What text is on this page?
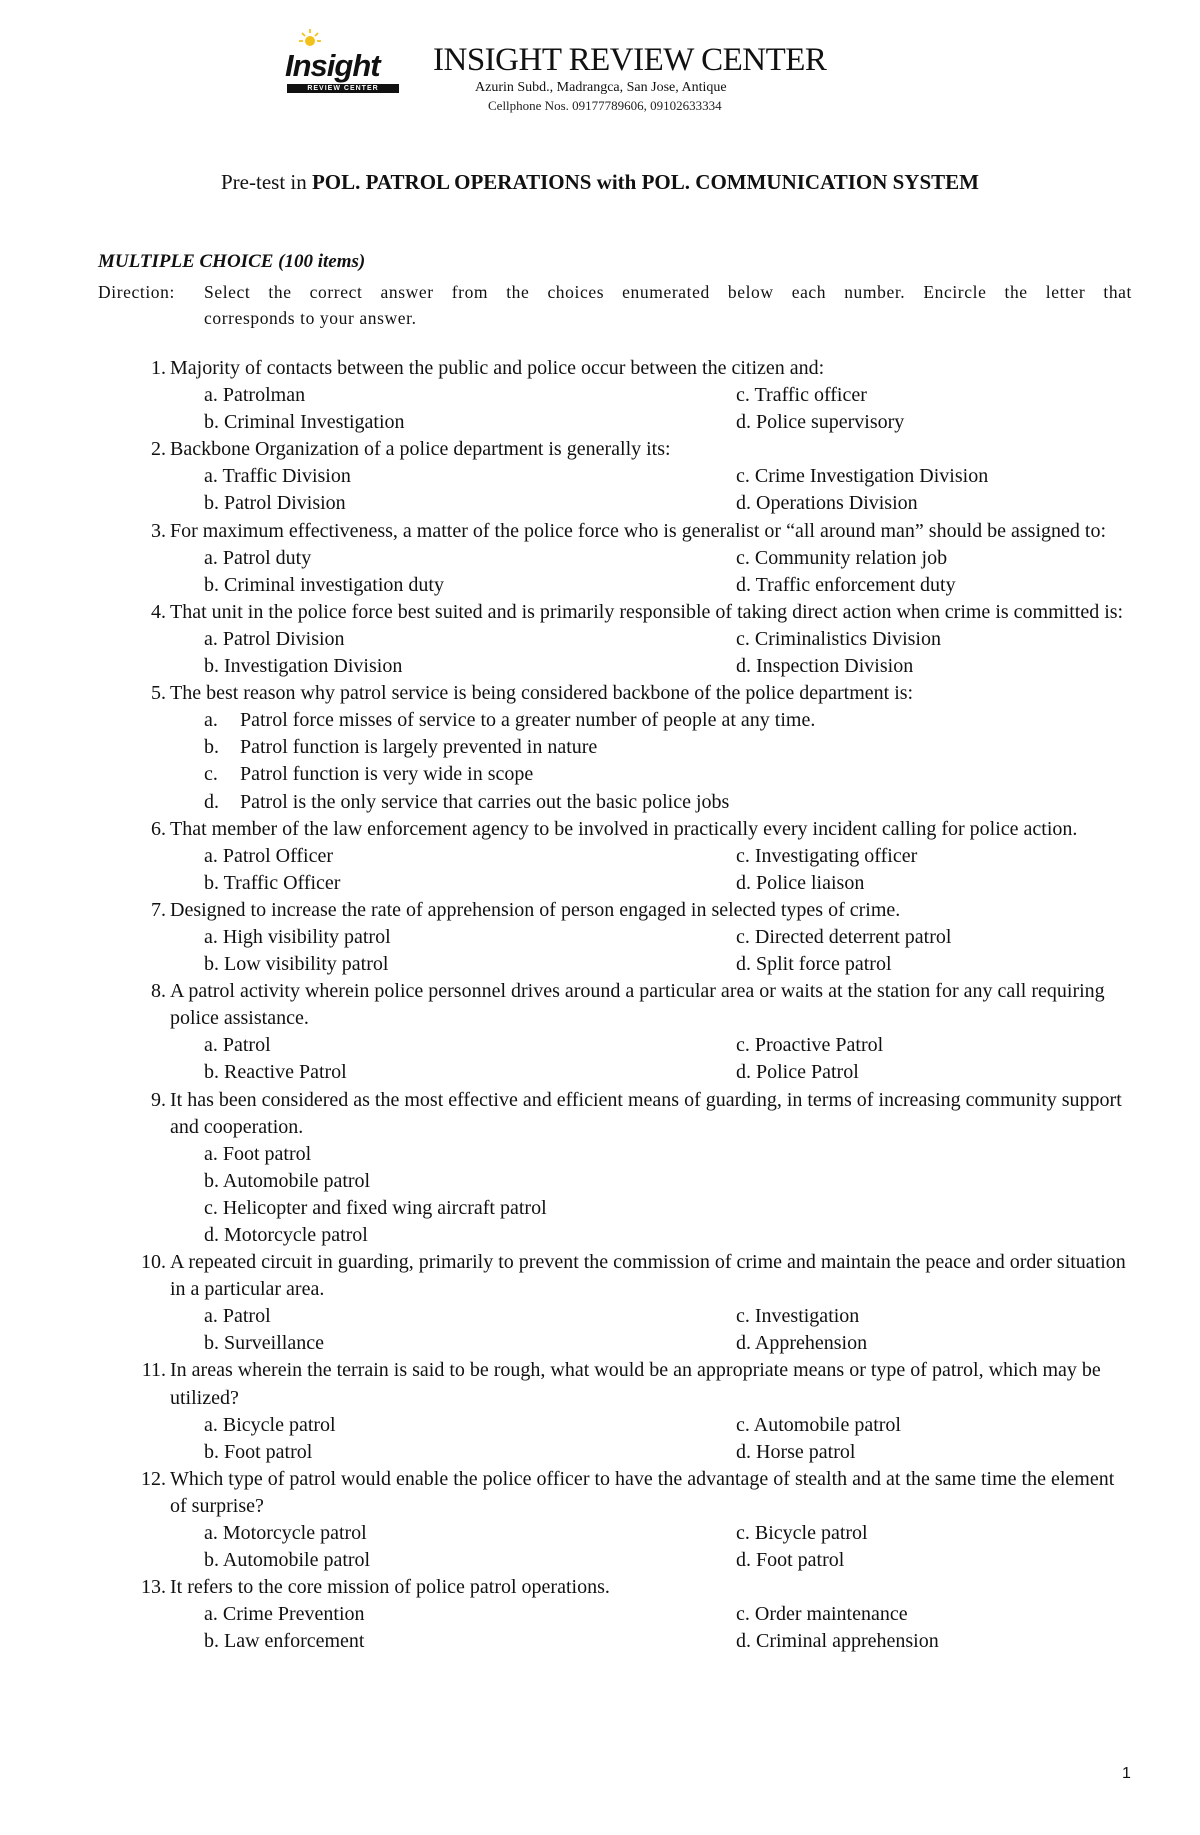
Insight
REVIEW CENTER
INSIGHT REVIEW CENTER
Azurin Subd., Madrangca, San Jose, Antique
Cellphone Nos. 09177789606, 09102633334
Pre-test in POL. PATROL OPERATIONS with POL. COMMUNICATION SYSTEM
MULTIPLE CHOICE (100 items)
Direction:	Select the correct answer from the choices enumerated below each number. Encircle the letter that
corresponds to your answer.
1. Majority of contacts between the public and police occur between the citizen and:
a. Patrolman	c. Traffic officer
b. Criminal Investigation	d. Police supervisory
2. Backbone Organization of a police department is generally its:
a. Traffic Division	c. Crime Investigation Division
b. Patrol Division	d. Operations Division
3. For maximum effectiveness, a matter of the police force who is generalist or “all around man” should be assigned to:
a. Patrol duty	c. Community relation job
b. Criminal investigation duty	d. Traffic enforcement duty
4. That unit in the police force best suited and is primarily responsible of taking direct action when crime is committed is:
a. Patrol Division	c. Criminalistics Division
b. Investigation Division	d. Inspection Division
5. The best reason why patrol service is being considered backbone of the police department is:
a.	Patrol force misses of service to a greater number of people at any time.
b.	Patrol function is largely prevented in nature
c.	Patrol function is very wide in scope
d.	Patrol is the only service that carries out the basic police jobs
6. That member of the law enforcement agency to be involved in practically every incident calling for police action.
a. Patrol Officer	c. Investigating officer
b. Traffic Officer	d. Police liaison
7. Designed to increase the rate of apprehension of person engaged in selected types of crime.
a. High visibility patrol	c. Directed deterrent patrol
b. Low visibility patrol	d. Split force patrol
8. A patrol activity wherein police personnel drives around a particular area or waits at the station for any call requiring police assistance.
a. Patrol	c. Proactive Patrol
b. Reactive Patrol	d. Police Patrol
9. It has been considered as the most effective and efficient means of guarding, in terms of increasing community support and cooperation.
a. Foot patrol
b. Automobile patrol
c. Helicopter and fixed wing aircraft patrol
d. Motorcycle patrol
10. A repeated circuit in guarding, primarily to prevent the commission of crime and maintain the peace and order situation in a particular area.
a. Patrol	c. Investigation
b. Surveillance	d. Apprehension
11. In areas wherein the terrain is said to be rough, what would be an appropriate means or type of patrol, which may be utilized?
a. Bicycle patrol	c. Automobile patrol
b. Foot patrol	d. Horse patrol
12. Which type of patrol would enable the police officer to have the advantage of stealth and at the same time the element of surprise?
a. Motorcycle patrol	c. Bicycle patrol
b. Automobile patrol	d. Foot patrol
13. It refers to the core mission of police patrol operations.
a. Crime Prevention	c. Order maintenance
b. Law enforcement	d. Criminal apprehension
1
